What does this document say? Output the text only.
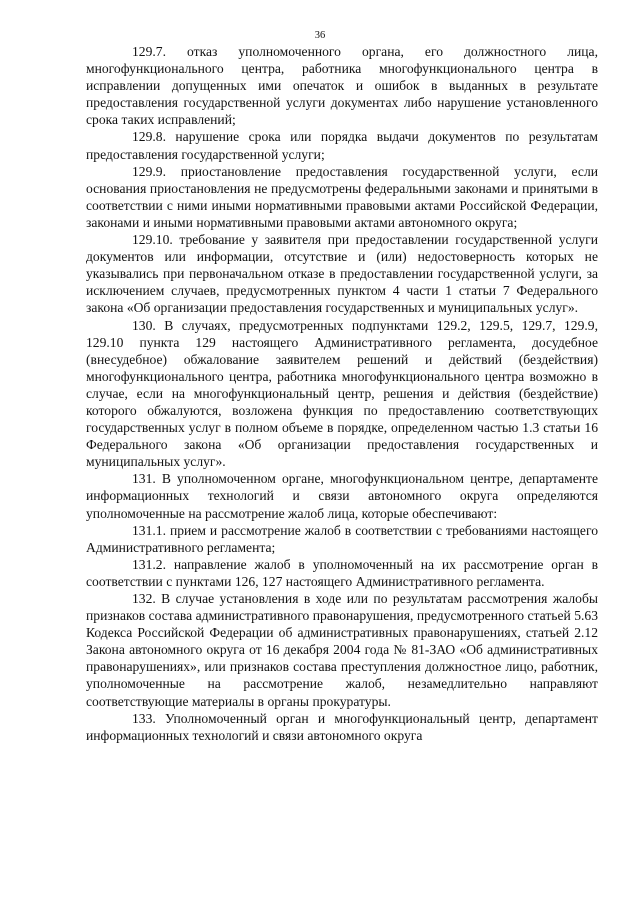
36

129.7. отказ уполномоченного органа, его должностного лица, многофункционального центра, работника многофункционального центра в исправлении допущенных ими опечаток и ошибок в выданных в результате предоставления государственной услуги документах либо нарушение установленного срока таких исправлений;

129.8. нарушение срока или порядка выдачи документов по результатам предоставления государственной услуги;

129.9. приостановление предоставления государственной услуги, если основания приостановления не предусмотрены федеральными законами и принятыми в соответствии с ними иными нормативными правовыми актами Российской Федерации, законами и иными нормативными правовыми актами автономного округа;

129.10. требование у заявителя при предоставлении государственной услуги документов или информации, отсутствие и (или) недостоверность которых не указывались при первоначальном отказе в предоставлении государственной услуги, за исключением случаев, предусмотренных пунктом 4 части 1 статьи 7 Федерального закона «Об организации предоставления государственных и муниципальных услуг».

130. В случаях, предусмотренных подпунктами 129.2, 129.5, 129.7, 129.9, 129.10 пункта 129 настоящего Административного регламента, досудебное (внесудебное) обжалование заявителем решений и действий (бездействия) многофункционального центра, работника многофункционального центра возможно в случае, если на многофункциональный центр, решения и действия (бездействие) которого обжалуются, возложена функция по предоставлению соответствующих государственных услуг в полном объеме в порядке, определенном частью 1.3 статьи 16 Федерального закона «Об организации предоставления государственных и муниципальных услуг».

131. В уполномоченном органе, многофункциональном центре, департаменте информационных технологий и связи автономного округа определяются уполномоченные на рассмотрение жалоб лица, которые обеспечивают:

131.1. прием и рассмотрение жалоб в соответствии с требованиями настоящего Административного регламента;

131.2. направление жалоб в уполномоченный на их рассмотрение орган в соответствии с пунктами 126, 127 настоящего Административного регламента.

132. В случае установления в ходе или по результатам рассмотрения жалобы признаков состава административного правонарушения, предусмотренного статьей 5.63 Кодекса Российской Федерации об административных правонарушениях, статьей 2.12 Закона автономного округа от 16 декабря 2004 года № 81-ЗАО «Об административных правонарушениях», или признаков состава преступления должностное лицо, работник, уполномоченные на рассмотрение жалоб, незамедлительно направляют соответствующие материалы в органы прокуратуры.

133. Уполномоченный орган и многофункциональный центр, департамент информационных технологий и связи автономного округа
